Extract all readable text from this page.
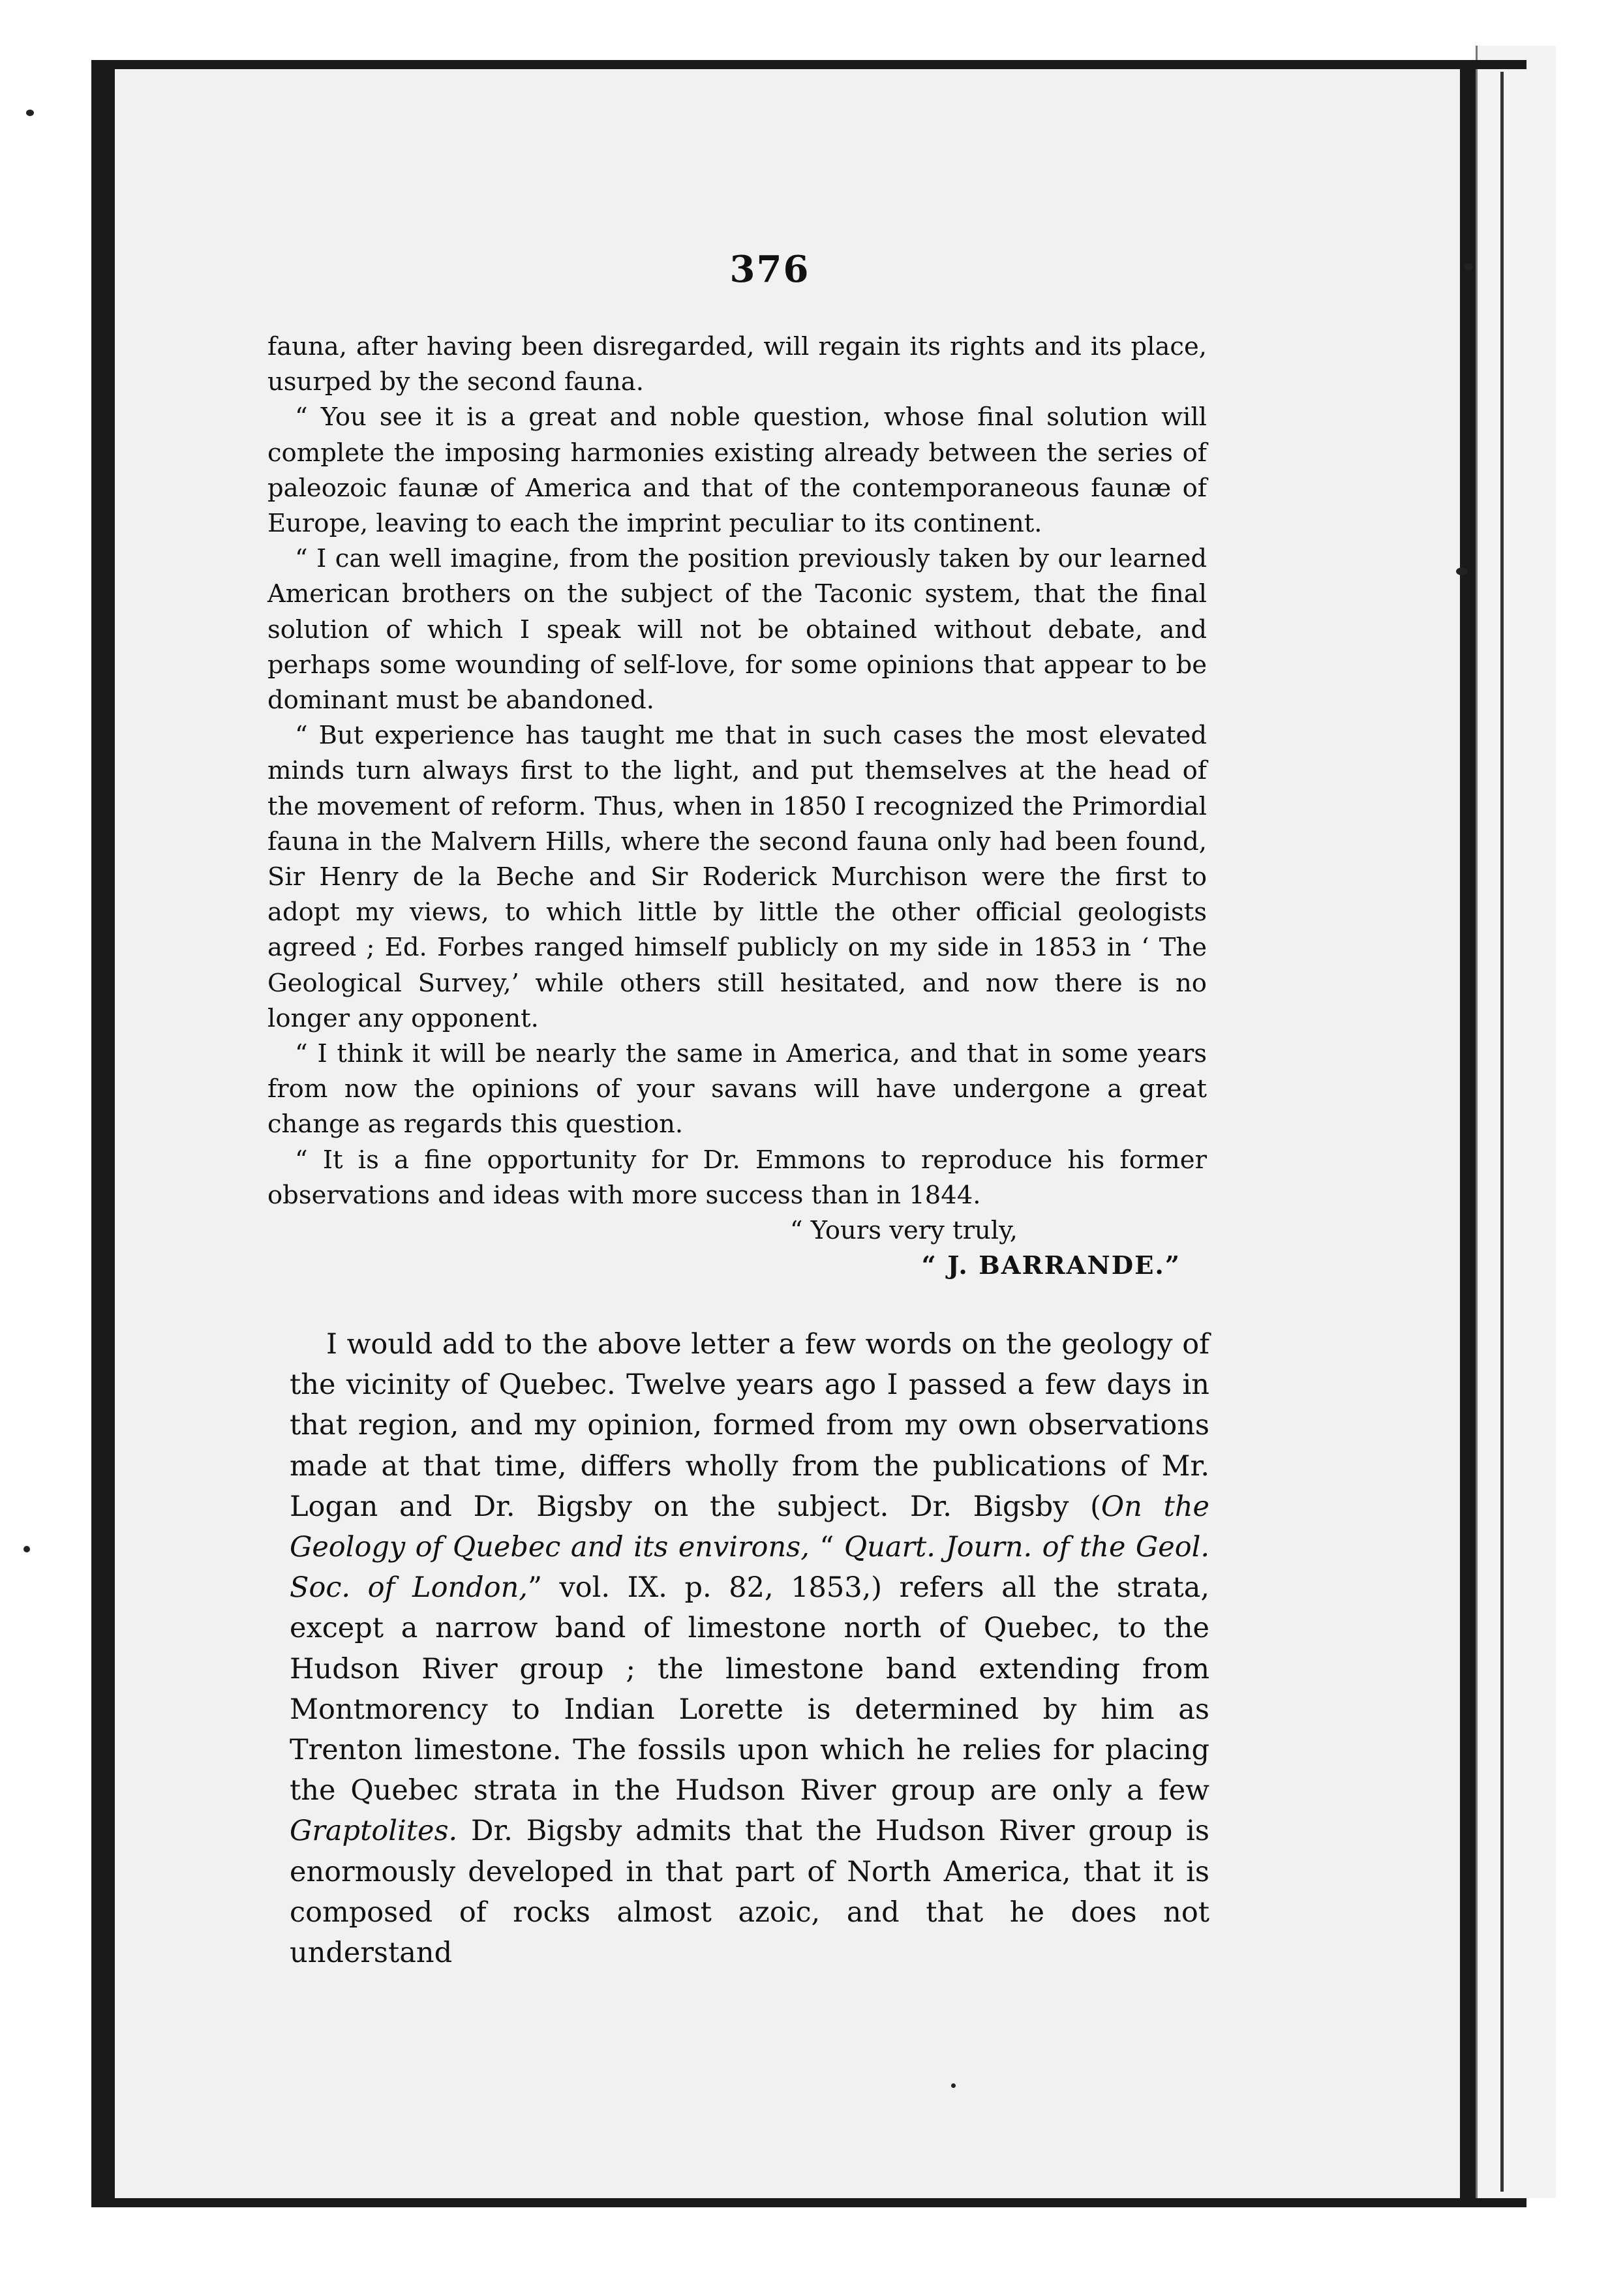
376

fauna, after having been disregarded, will regain its rights and its place, usurped by the second fauna.

“ You see it is a great and noble question, whose final solution will complete the imposing harmonies existing already between the series of paleozoic faunæ of America and that of the contemporaneous faunæ of Europe, leaving to each the imprint peculiar to its continent.

“ I can well imagine, from the position previously taken by our learned American brothers on the subject of the Taconic system, that the final solution of which I speak will not be obtained without debate, and perhaps some wounding of self-love, for some opinions that appear to be dominant must be abandoned.

“ But experience has taught me that in such cases the most elevated minds turn always first to the light, and put themselves at the head of the movement of reform. Thus, when in 1850 I recognized the Primordial fauna in the Malvern Hills, where the second fauna only had been found, Sir Henry de la Beche and Sir Roderick Murchison were the first to adopt my views, to which little by little the other official geologists agreed ; Ed. Forbes ranged himself publicly on my side in 1853 in ‘ The Geological Survey,’ while others still hesitated, and now there is no longer any opponent.

“ I think it will be nearly the same in America, and that in some years from now the opinions of your savans will have undergone a great change as regards this question.

“ It is a fine opportunity for Dr. Emmons to reproduce his former observations and ideas with more success than in 1844.

“ Yours very truly,

“ J. BARRANDE.”

I would add to the above letter a few words on the geology of the vicinity of Quebec. Twelve years ago I passed a few days in that region, and my opinion, formed from my own observations made at that time, differs wholly from the publications of Mr. Logan and Dr. Bigsby on the subject. Dr. Bigsby (On the Geology of Quebec and its environs, “ Quart. Journ. of the Geol. Soc. of London,” vol. IX. p. 82, 1853,) refers all the strata, except a narrow band of limestone north of Quebec, to the Hudson River group ; the limestone band extending from Montmorency to Indian Lorette is determined by him as Trenton limestone. The fossils upon which he relies for placing the Quebec strata in the Hudson River group are only a few Graptolites. Dr. Bigsby admits that the Hudson River group is enormously developed in that part of North America, that it is composed of rocks almost azoic, and that he does not understand
